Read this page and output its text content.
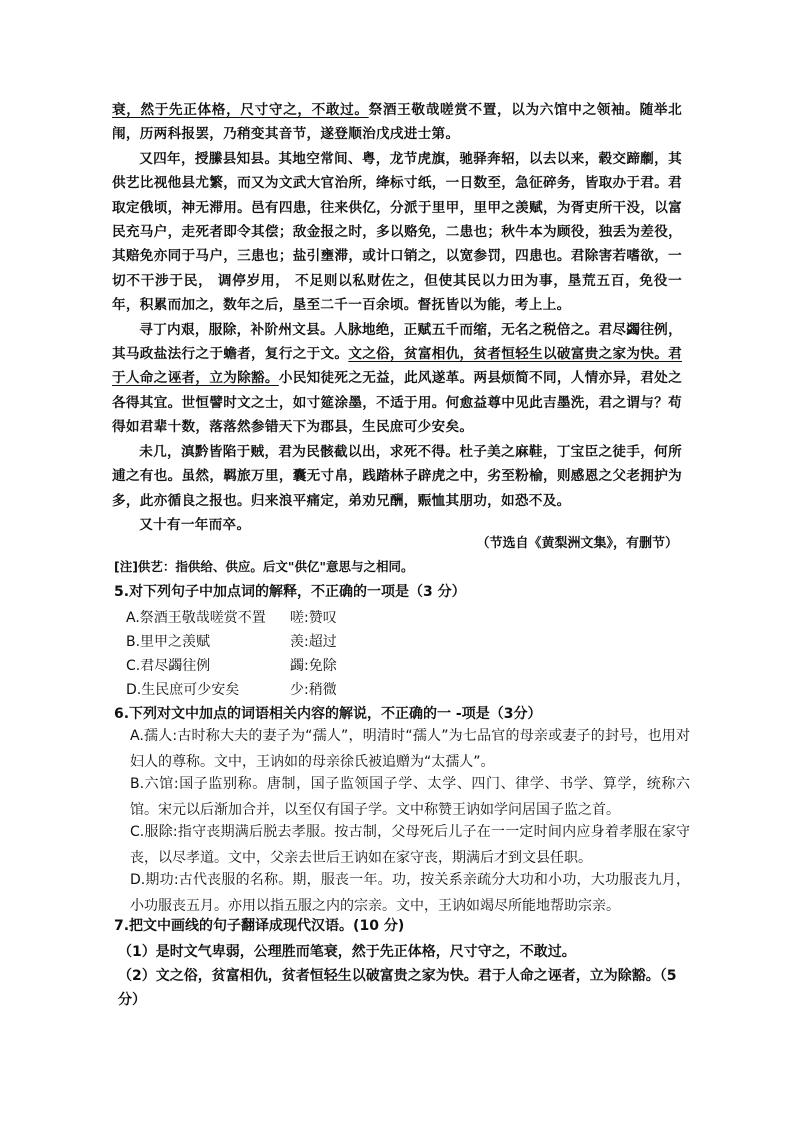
衰，然于先正体格，尺寸守之，不敢过。祭酒王敬哉嗟赏不置，以为六馆中之领袖。随举北闱，历两科报罢，乃稍变其音节，遂登顺治戊戌进士第。

又四年，授縢县知县。其地空常间、粤，龙节虎旗，驰驿奔轺，以去以来，毂交蹄劘，其供艺比视他县尤繁，而又为文武大官治所，绛标寸纸，一日数至，急征碎务，皆取办于君。君取定俄顷，神无滞用。邑有四患，往来供亿，分派于里甲，里甲之羡赋，为胥吏所干没，以富民充马户，走死者即令其偿；敌金报之时，多以赂免，二患也；秋牛本为顾役，独丢为差役，其赔免亦同于马户，三患也；盐引壅滞，或计口销之，以宽参罚，四患也。君除害若嗜欲，一切不干涉于民， 调停岁用， 不足则以私财佐之，但使其民以力田为事，垦荒五百，免役一年，积累而加之，数年之后，垦至二千一百余顷。督抚皆以为能，考上上。

寻丁内艰，服除，补阶州文县。人脉地绝，正赋五千而缩，无名之税倍之。君尽蠲往例，其马政盐法行之于蟾者，复行之于文。文之俗，贫富相仇，贫者恒轻生以破富贵之家为快。君于人命之诬者，立为除豁。小民知徒死之无益，此风遂革。两县烦简不同，人情亦异，君处之各得其宜。世恒譬时文之士，如寸筵涂墨，不适于用。何愈益尊中见此吉墨洗，君之谓与？苟得如君辈十数，落落然参错天下为郡县，生民庶可少安矣。

未几，滇黔皆陷于贼，君为民骸截以出，求死不得。杜子美之麻鞋，丁宝臣之徒手，何所逋之有也。虽然，羁旅万里，囊无寸帛，践踏林子辟虎之中，劣至粉榆，则感恩之父老拥护为多，此亦循良之报也。归来浪平痛定，弟劝兄酬，赈恤其朋功，如恐不及。

又十有一年而卒。

（节选自《黄梨洲文集》，有删节）
[注]供艺：指供给、供应。后文"供亿"意思与之相同。
5.对下列句子中加点词的解释，不正确的一项是（3 分）
A.祭酒王敬哉嗟赏不置 嗟:赞叹
B.里甲之羡赋	羡:超过
C.君尽蠲往例	蠲:免除
D.生民庶可少安矣	少:稍微
6.下列对文中加点的词语相关内容的解说，不正确的一 -项是（3分）
A.孺人:古时称大夫的妻子为“孺人”，明清时“孺人”为七品官的母亲或妻子的封号，也用对妇人的尊称。文中，王讷如的母亲徐氏被追赠为“太孺人”。
B.六馆:国子监别称。唐制，国子监领国子学、太学、四门、律学、书学、算学，统称六馆。宋元以后渐加合并，以至仅有国子学。文中称赞王讷如学问居国子监之首。
C.服除:指守丧期满后脱去孝服。按古制，父母死后儿子在一一定时间内应身着孝服在家守丧，以尽孝道。文中，父亲去世后王讷如在家守丧，期满后才到文县任职。
D.期功:古代丧服的名称。期，服丧一年。功，按关系亲疏分大功和小功，大功服丧九月，小功服丧五月。亦用以指五服之内的宗亲。文中，王讷如竭尽所能地帮助宗亲。
7.把文中画线的句子翻译成现代汉语。(10 分)
（1）是时文气卑弱，公理胜而笔衰，然于先正体格，尺寸守之，不敢过。
（2）文之俗，贫富相仇，贫者恒轻生以破富贵之家为快。君于人命之诬者，立为除豁。（5
分）
